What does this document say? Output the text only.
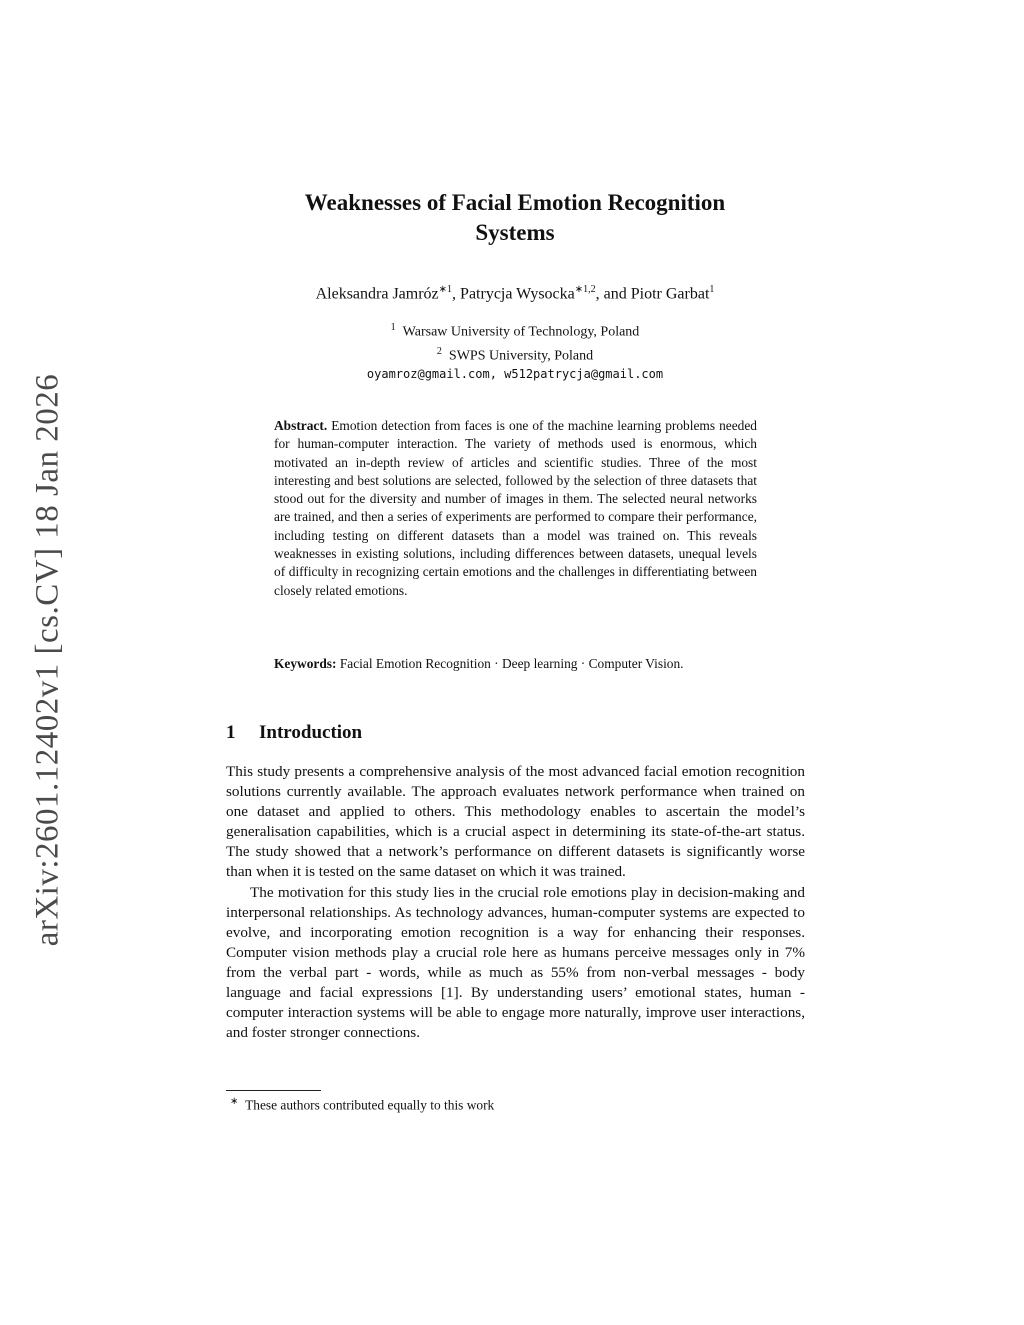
arXiv:2601.12402v1 [cs.CV] 18 Jan 2026
Weaknesses of Facial Emotion Recognition
Systems
Aleksandra Jamróz$^{∗1}$, Patrycja Wysocka$^{∗1,2}$, and Piotr Garbat$^1$
$^1$ Warsaw University of Technology, Poland
$^2$ SWPS University, Poland
oyamroz@gmail.com, w512patrycja@gmail.com
Abstract. Emotion detection from faces is one of the machine learning problems needed for human-computer interaction. The variety of methods used is enormous, which motivated an in-depth review of articles and scientific studies. Three of the most interesting and best solutions are selected, followed by the selection of three datasets that stood out for the diversity and number of images in them. The selected neural networks are trained, and then a series of experiments are performed to compare their performance, including testing on different datasets than a model was trained on. This reveals weaknesses in existing solutions, including differences between datasets, unequal levels of difficulty in recognizing certain emotions and the challenges in differentiating between closely related emotions.
Keywords: Facial Emotion Recognition · Deep learning · Computer Vision.
1 Introduction

This study presents a comprehensive analysis of the most advanced facial emotion recognition solutions currently available. The approach evaluates network performance when trained on one dataset and applied to others. This methodology enables to ascertain the model’s generalisation capabilities, which is a crucial aspect in determining its state-of-the-art status. The study showed that a network’s performance on different datasets is significantly worse than when it is tested on the same dataset on which it was trained.

The motivation for this study lies in the crucial role emotions play in decision-making and interpersonal relationships. As technology advances, human-computer systems are expected to evolve, and incorporating emotion recognition is a way for enhancing their responses. Computer vision methods play a crucial role here as humans perceive messages only in 7% from the verbal part - words, while as much as 55% from non-verbal messages - body language and facial expressions [1]. By understanding users’ emotional states, human - computer interaction systems will be able to engage more naturally, improve user interactions, and foster stronger connections.

∗ These authors contributed equally to this work
